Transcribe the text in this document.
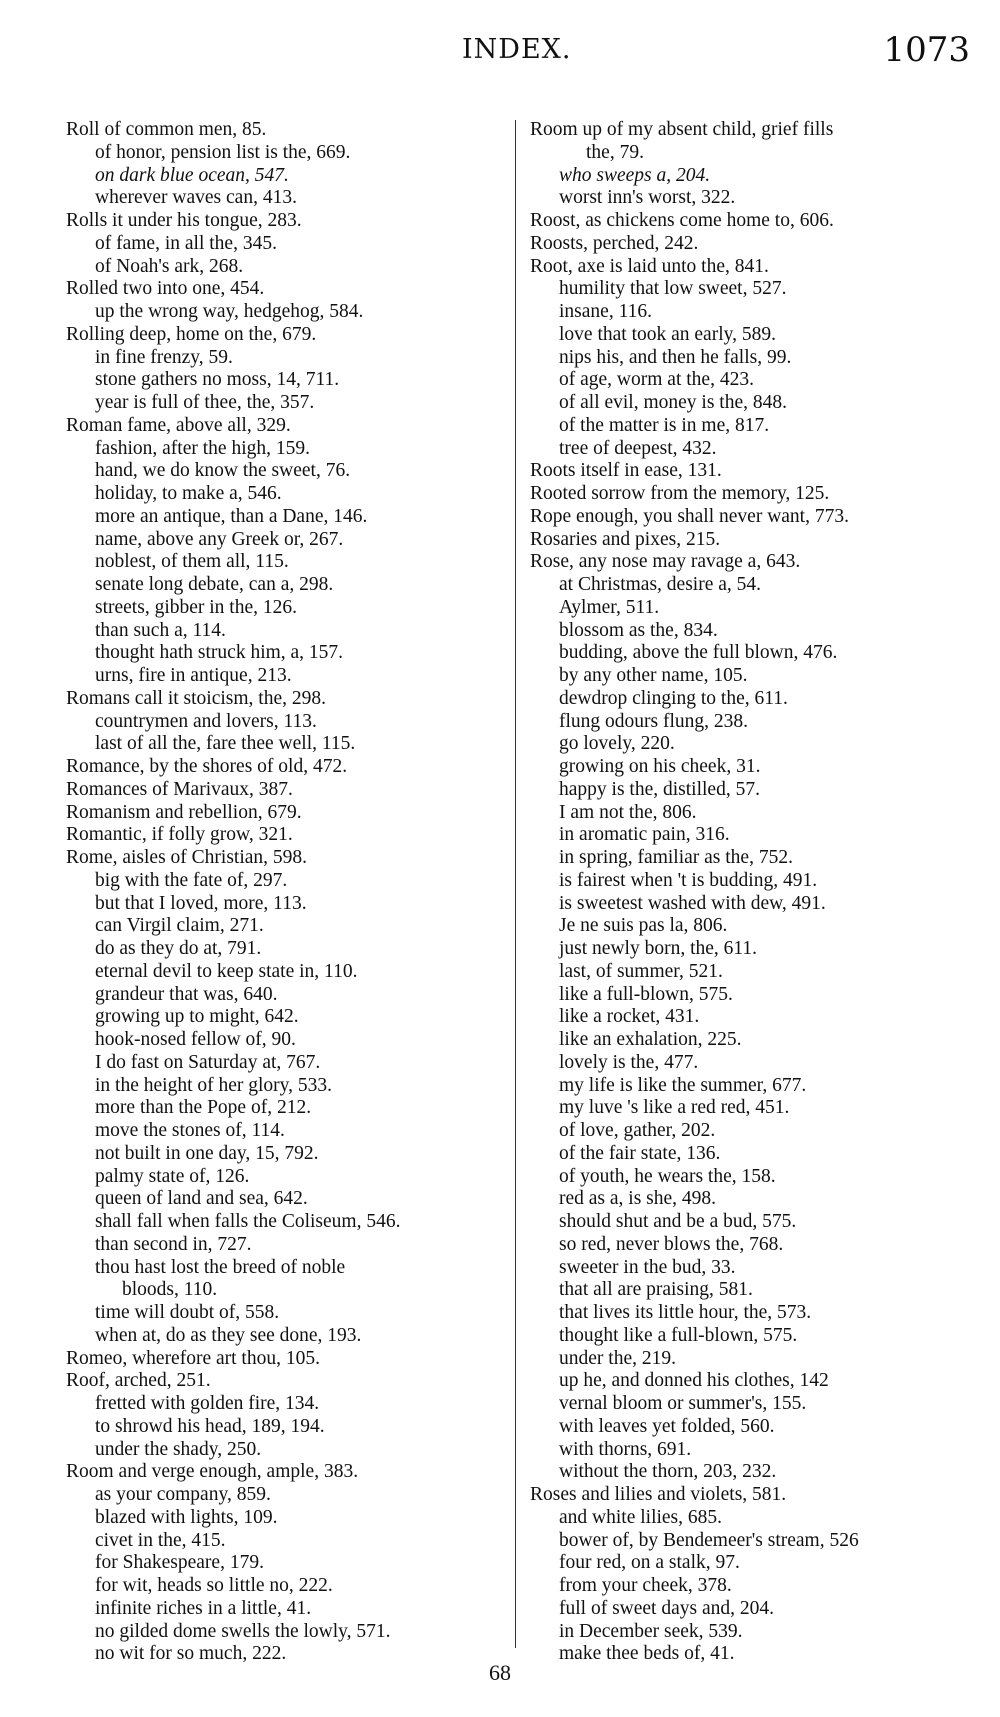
INDEX.	1073
Roll of common men, 85.
of honor, pension list is the, 669.
on dark blue ocean, 547.
wherever waves can, 413.
Rolls it under his tongue, 283.
of fame, in all the, 345.
of Noah's ark, 268.
Rolled two into one, 454.
up the wrong way, hedgehog, 584.
Rolling deep, home on the, 679.
in fine frenzy, 59.
stone gathers no moss, 14, 711.
year is full of thee, the, 357.
Roman fame, above all, 329.
fashion, after the high, 159.
hand, we do know the sweet, 76.
holiday, to make a, 546.
more an antique, than a Dane, 146.
name, above any Greek or, 267.
noblest, of them all, 115.
senate long debate, can a, 298.
streets, gibber in the, 126.
than such a, 114.
thought hath struck him, a, 157.
urns, fire in antique, 213.
Romans call it stoicism, the, 298.
countrymen and lovers, 113.
last of all the, fare thee well, 115.
Romance, by the shores of old, 472.
Romances of Marivaux, 387.
Romanism and rebellion, 679.
Romantic, if folly grow, 321.
Rome, aisles of Christian, 598.
big with the fate of, 297.
but that I loved, more, 113.
can Virgil claim, 271.
do as they do at, 791.
eternal devil to keep state in, 110.
grandeur that was, 640.
growing up to might, 642.
hook-nosed fellow of, 90.
I do fast on Saturday at, 767.
in the height of her glory, 533.
more than the Pope of, 212.
move the stones of, 114.
not built in one day, 15, 792.
palmy state of, 126.
queen of land and sea, 642.
shall fall when falls the Coliseum, 546.
than second in, 727.
thou hast lost the breed of noble
bloods, 110.
time will doubt of, 558.
when at, do as they see done, 193.
Romeo, wherefore art thou, 105.
Roof, arched, 251.
fretted with golden fire, 134.
to shrowd his head, 189, 194.
under the shady, 250.
Room and verge enough, ample, 383.
as your company, 859.
blazed with lights, 109.
civet in the, 415.
for Shakespeare, 179.
for wit, heads so little no, 222.
infinite riches in a little, 41.
no gilded dome swells the lowly, 571.
no wit for so much, 222.
Room up of my absent child, grief fills
the, 79.
who sweeps a, 204.
worst inn's worst, 322.
Roost, as chickens come home to, 606.
Roosts, perched, 242.
Root, axe is laid unto the, 841.
humility that low sweet, 527.
insane, 116.
love that took an early, 589.
nips his, and then he falls, 99.
of age, worm at the, 423.
of all evil, money is the, 848.
of the matter is in me, 817.
tree of deepest, 432.
Roots itself in ease, 131.
Rooted sorrow from the memory, 125.
Rope enough, you shall never want, 773.
Rosaries and pixes, 215.
Rose, any nose may ravage a, 643.
at Christmas, desire a, 54.
Aylmer, 511.
blossom as the, 834.
budding, above the full blown, 476.
by any other name, 105.
dewdrop clinging to the, 611.
flung odours flung, 238.
go lovely, 220.
growing on his cheek, 31.
happy is the, distilled, 57.
I am not the, 806.
in aromatic pain, 316.
in spring, familiar as the, 752.
is fairest when 't is budding, 491.
is sweetest washed with dew, 491.
Je ne suis pas la, 806.
just newly born, the, 611.
last, of summer, 521.
like a full-blown, 575.
like a rocket, 431.
like an exhalation, 225.
lovely is the, 477.
my life is like the summer, 677.
my luve 's like a red red, 451.
of love, gather, 202.
of the fair state, 136.
of youth, he wears the, 158.
red as a, is she, 498.
should shut and be a bud, 575.
so red, never blows the, 768.
sweeter in the bud, 33.
that all are praising, 581.
that lives its little hour, the, 573.
thought like a full-blown, 575.
under the, 219.
up he, and donned his clothes, 142
vernal bloom or summer's, 155.
with leaves yet folded, 560.
with thorns, 691.
without the thorn, 203, 232.
Roses and lilies and violets, 581.
and white lilies, 685.
bower of, by Bendemeer's stream, 526
four red, on a stalk, 97.
from your cheek, 378.
full of sweet days and, 204.
in December seek, 539.
make thee beds of, 41.
68
